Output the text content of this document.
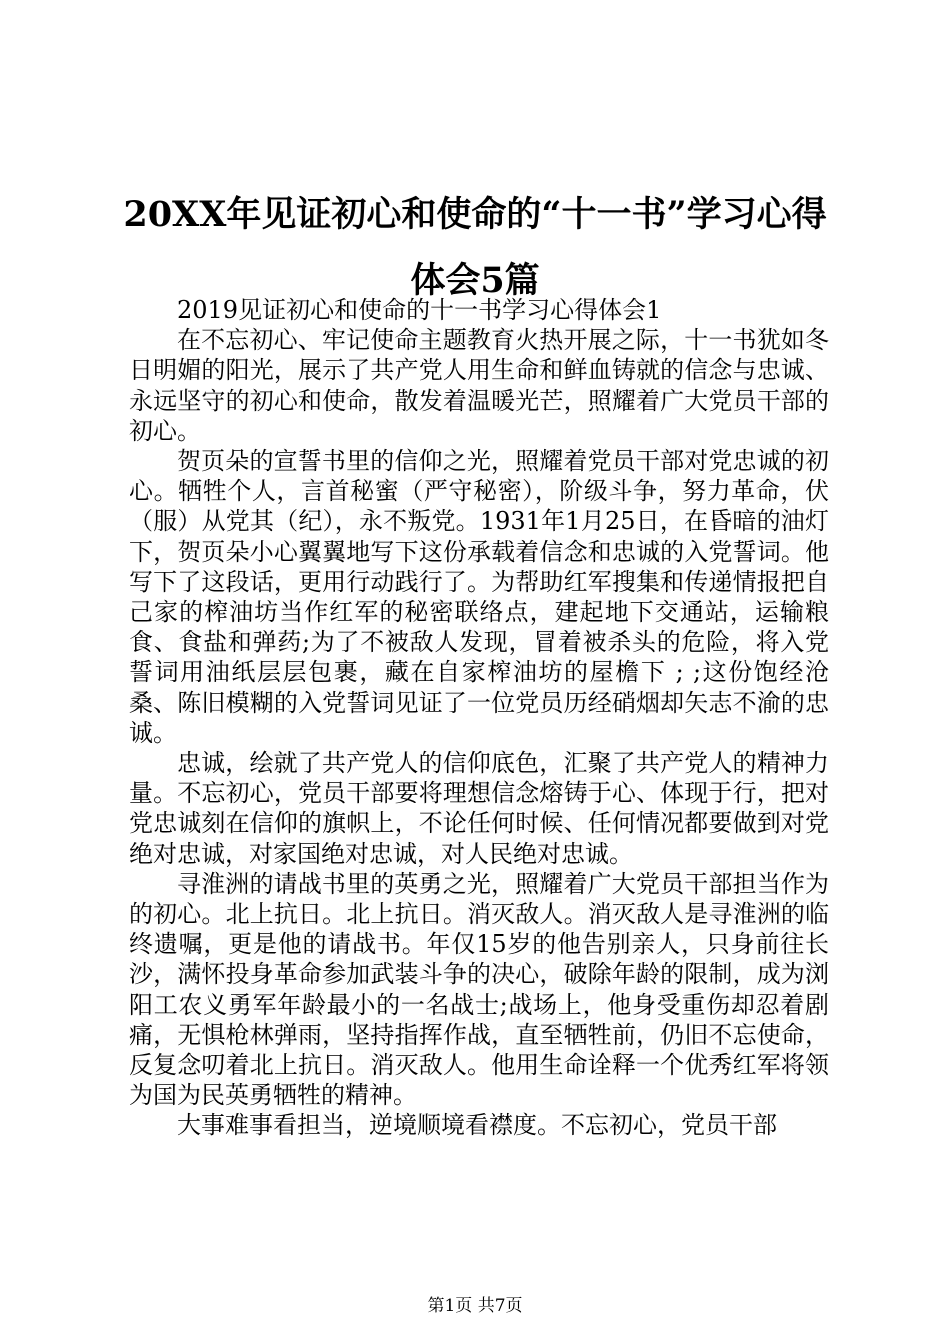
20XX年见证初心和使命的“十一书”学习心得体会5篇

2019见证初心和使命的十一书学习心得体会1

在不忘初心、牢记使命主题教育火热开展之际，十一书犹如冬日明媚的阳光，展示了共产党人用生命和鲜血铸就的信念与忠诚、永远坚守的初心和使命，散发着温暖光芒，照耀着广大党员干部的初心。

贺页朵的宣誓书里的信仰之光，照耀着党员干部对党忠诚的初心。牺牲个人，言首秘蜜（严守秘密），阶级斗争，努力革命，伏（服）从党其（纪），永不叛党。1931年1月25日，在昏暗的油灯下，贺页朵小心翼翼地写下这份承载着信念和忠诚的入党誓词。他写下了这段话，更用行动践行了。为帮助红军搜集和传递情报把自己家的榨油坊当作红军的秘密联络点，建起地下交通站，运输粮食、食盐和弹药;为了不被敌人发现，冒着被杀头的危险，将入党誓词用油纸层层包裹，藏在自家榨油坊的屋檐下 ; ;这份饱经沧桑、陈旧模糊的入党誓词见证了一位党员历经硝烟却矢志不渝的忠诚。

忠诚，绘就了共产党人的信仰底色，汇聚了共产党人的精神力量。不忘初心，党员干部要将理想信念熔铸于心、体现于行，把对党忠诚刻在信仰的旗帜上，不论任何时候、任何情况都要做到对党绝对忠诚，对家国绝对忠诚，对人民绝对忠诚。

寻淮洲的请战书里的英勇之光，照耀着广大党员干部担当作为的初心。北上抗日。北上抗日。消灭敌人。消灭敌人是寻淮洲的临终遗嘱，更是他的请战书。年仅15岁的他告别亲人，只身前往长沙，满怀投身革命参加武装斗争的决心，破除年龄的限制，成为浏阳工农义勇军年龄最小的一名战士;战场上，他身受重伤却忍着剧痛，无惧枪林弹雨，坚持指挥作战，直至牺牲前，仍旧不忘使命，反复念叨着北上抗日。消灭敌人。他用生命诠释一个优秀红军将领为国为民英勇牺牲的精神。

大事难事看担当，逆境顺境看襟度。不忘初心，党员干部

第1页 共7页
